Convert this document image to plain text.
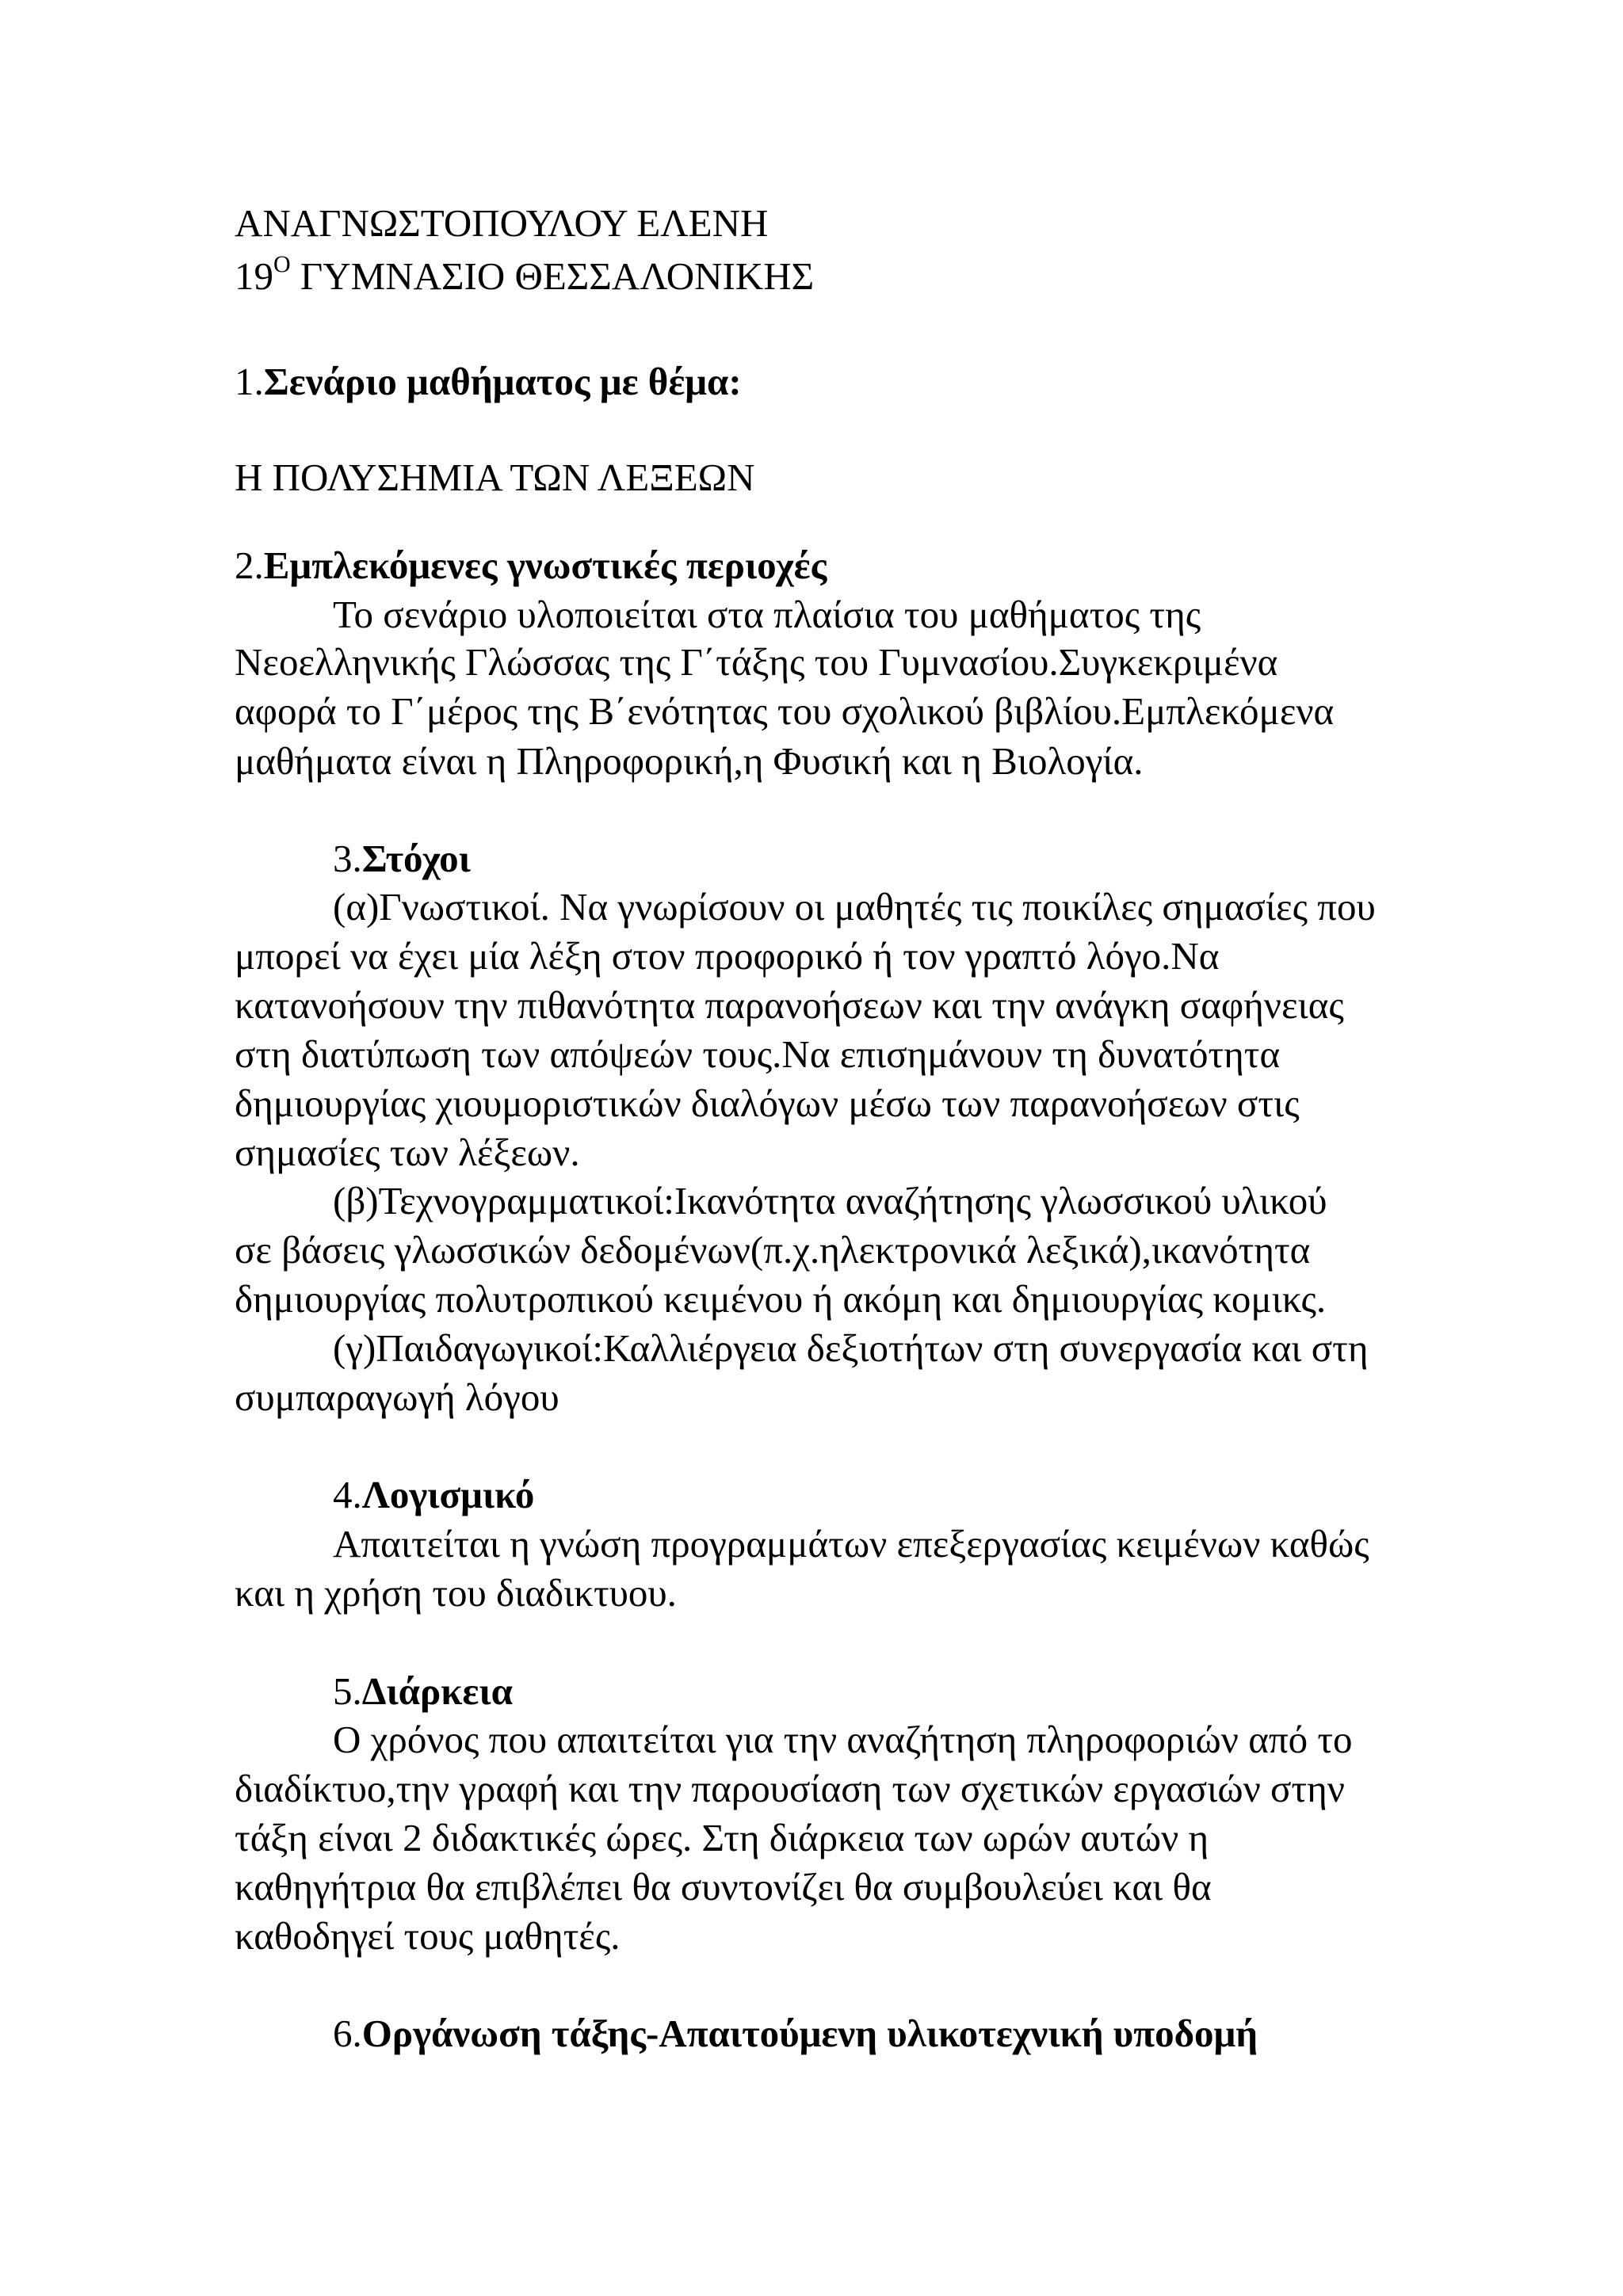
ΑΝΑΓΝΩΣΤΟΠΟΥΛΟΥ ΕΛΕΝΗ

$19^O$ ΓΥΜΝΑΣΙΟ ΘΕΣΣΑΛΟΝΙΚΗΣ

1.Σενάριο μαθήματος με θέμα:

Η ΠΟΛΥΣΗΜΙΑ ΤΩΝ ΛΕΞΕΩΝ

2.Εμπλεκόμενες γνωστικές περιοχές

Το σενάριο υλοποιείται στα πλαίσια του μαθήματος της

Νεοελληνικής Γλώσσας της Γ΄τάξης του Γυμνασίου.Συγκεκριμένα

αφορά το Γ΄μέρος της Β΄ενότητας του σχολικού βιβλίου.Εμπλεκόμενα

μαθήματα είναι η Πληροφορική,η Φυσική και η Βιολογία.

3.Στόχοι

(α)Γνωστικοί. Να γνωρίσουν οι μαθητές τις ποικίλες σημασίες που

μπορεί να έχει μία λέξη στον προφορικό ή τον γραπτό λόγο.Να

κατανοήσουν την πιθανότητα παρανοήσεων και την ανάγκη σαφήνειας

στη διατύπωση των απόψεών τους.Να επισημάνουν τη δυνατότητα

δημιουργίας χιουμοριστικών διαλόγων μέσω των παρανοήσεων στις

σημασίες των λέξεων.

(β)Τεχνογραμματικοί:Ικανότητα αναζήτησης γλωσσικού υλικού

σε βάσεις γλωσσικών δεδομένων(π.χ.ηλεκτρονικά λεξικά),ικανότητα

δημιουργίας πολυτροπικού κειμένου ή ακόμη και δημιουργίας κομικς.

(γ)Παιδαγωγικοί:Καλλιέργεια δεξιοτήτων στη συνεργασία και στη

συμπαραγωγή λόγου

4.Λογισμικό

Απαιτείται η γνώση προγραμμάτων επεξεργασίας κειμένων καθώς

και η χρήση του διαδικτυου.

5.Διάρκεια

Ο χρόνος που απαιτείται για την αναζήτηση πληροφοριών από το

διαδίκτυο,την γραφή και την παρουσίαση των σχετικών εργασιών στην

τάξη είναι 2 διδακτικές ώρες. Στη διάρκεια των ωρών αυτών η

καθηγήτρια θα επιβλέπει θα συντονίζει θα συμβουλεύει και θα

καθοδηγεί τους μαθητές.

6.Οργάνωση τάξης-Απαιτούμενη υλικοτεχνική υποδομή
